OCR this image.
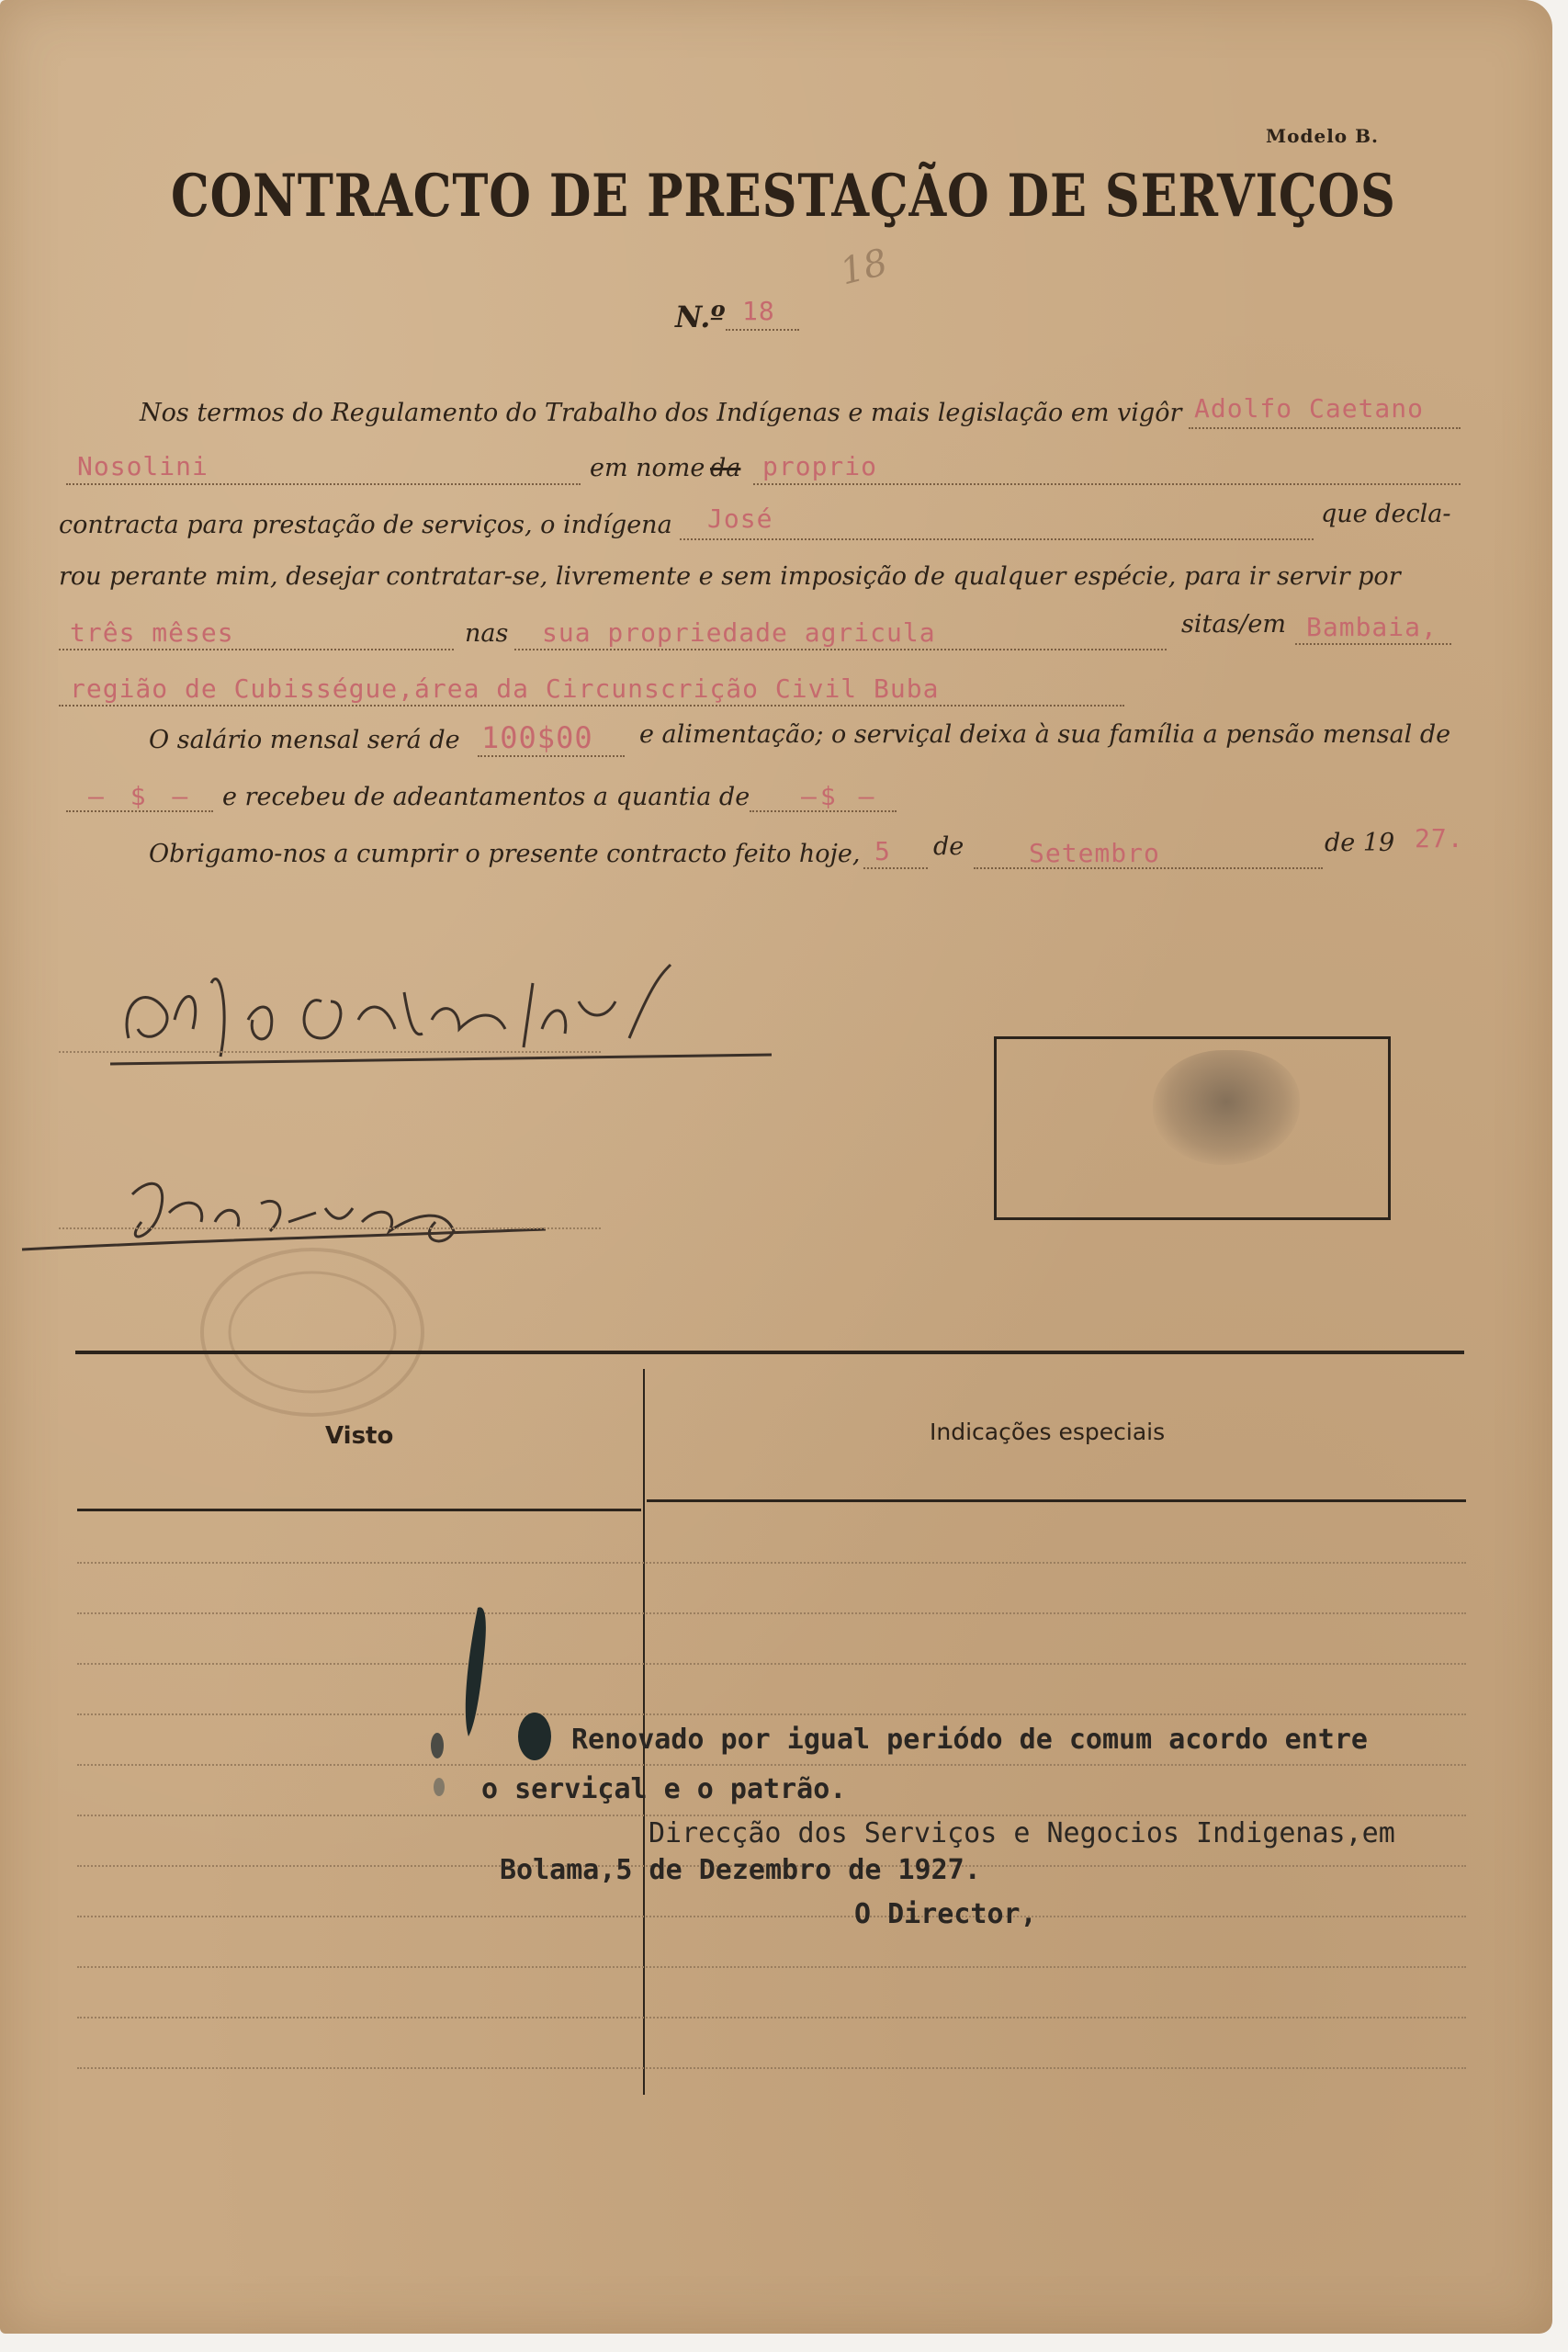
Modelo B.
CONTRACTO DE PRESTAÇÃO DE SERVIÇOS
N.º 18
18
Nos termos do Regulamento do Trabalho dos Indígenas e mais legislação em vigôr Adolfo Caetano
Nosolini	em nome da proprio
contracta para prestação de serviços, o indígena José	que decla-
rou perante mim, desejar contratar-se, livremente e sem imposição de qualquer espécie, para ir servir por
três mêses	nas sua propriedade agricula	sitas/em Bambaia,
região de Cubisségue,área da Circunscrição Civil Buba
O salário mensal será de 100$00 e alimentação; o serviçal deixa à sua família a pensão mensal de
– $ – e recebeu de adeantamentos a quantia de –$ –
Obrigamo-nos a cumprir o presente contracto feito hoje, 5 de	Setembro	de 19 27.
Visto	Indicações especiais
Renovado por igual periódo de comum acordo entre
o serviçal e o patrão.
Direcção dos Serviços e Negocios Indigenas,em
Bolama,5 de Dezembro de 1927.
O Director,
